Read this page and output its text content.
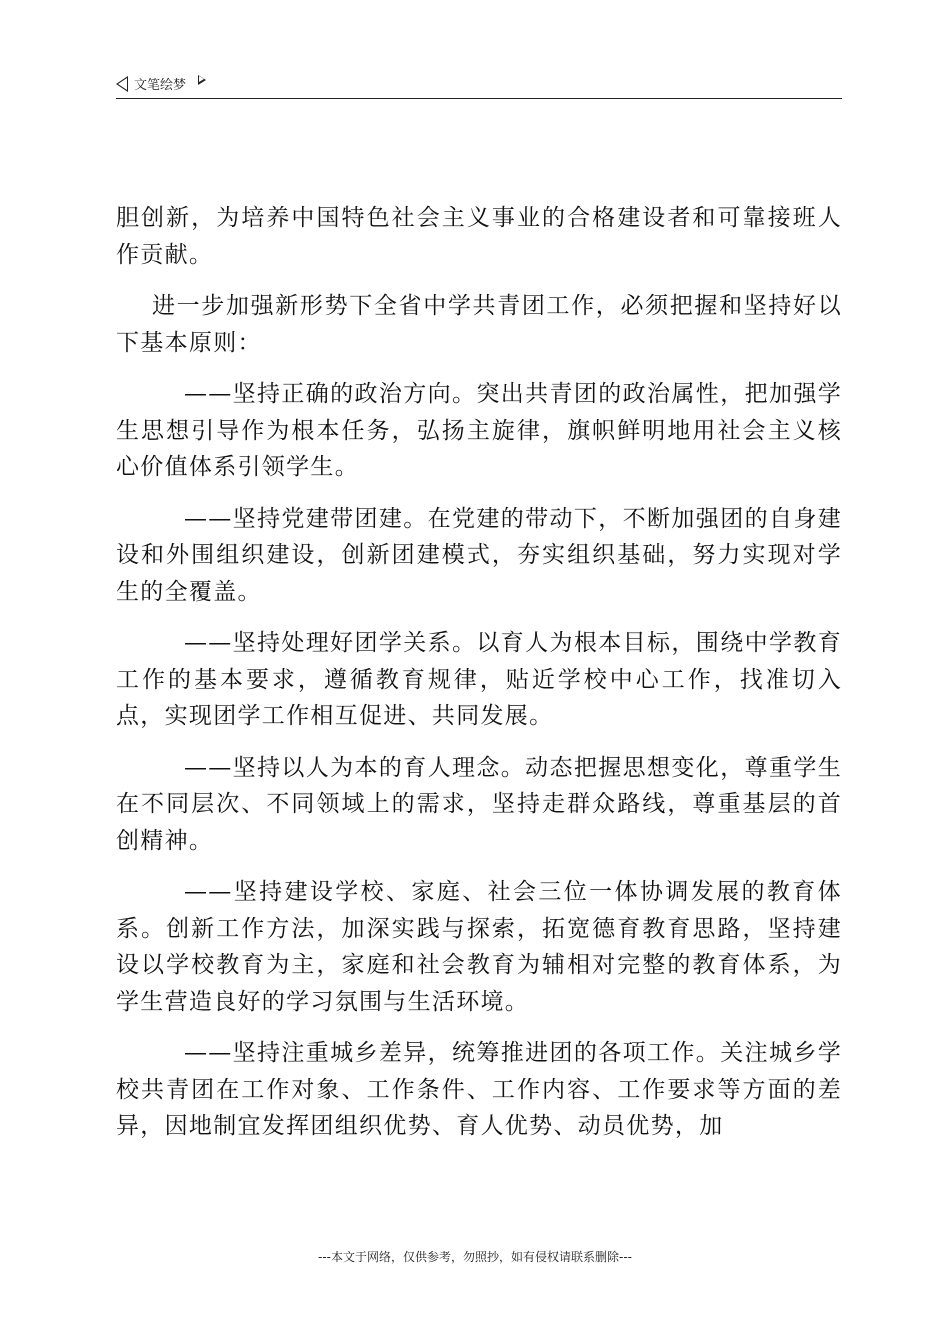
文笔绘梦

胆创新，为培养中国特色社会主义事业的合格建设者和可靠接班人作贡献。

进一步加强新形势下全省中学共青团工作，必须把握和坚持好以下基本原则：

——坚持正确的政治方向。突出共青团的政治属性，把加强学生思想引导作为根本任务，弘扬主旋律，旗帜鲜明地用社会主义核心价值体系引领学生。

——坚持党建带团建。在党建的带动下，不断加强团的自身建设和外围组织建设，创新团建模式，夯实组织基础，努力实现对学生的全覆盖。

——坚持处理好团学关系。以育人为根本目标，围绕中学教育工作的基本要求，遵循教育规律，贴近学校中心工作，找准切入点，实现团学工作相互促进、共同发展。

——坚持以人为本的育人理念。动态把握思想变化，尊重学生在不同层次、不同领域上的需求，坚持走群众路线，尊重基层的首创精神。

——坚持建设学校、家庭、社会三位一体协调发展的教育体系。创新工作方法，加深实践与探索，拓宽德育教育思路，坚持建设以学校教育为主，家庭和社会教育为辅相对完整的教育体系，为学生营造良好的学习氛围与生活环境。

——坚持注重城乡差异，统筹推进团的各项工作。关注城乡学校共青团在工作对象、工作条件、工作内容、工作要求等方面的差异，因地制宜发挥团组织优势、育人优势、动员优势，加

---本文于网络，仅供参考，勿照抄，如有侵权请联系删除---
